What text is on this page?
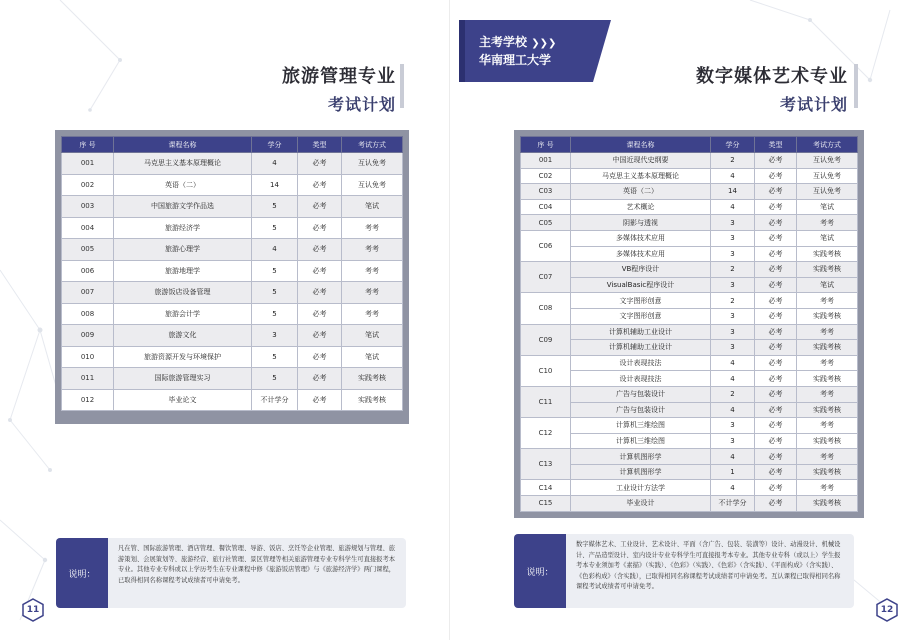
旅游管理专业
考试计划
序 号	课程名称	学分	类型	考试方式
001	马克思主义基本原理概论	4	必考	互认免考
002	英语（二）	14	必考	互认免考
003	中国旅游文学作品选	5	必考	笔试
004	旅游经济学	5	必考	考考
005	旅游心理学	4	必考	考考
006	旅游地理学	5	必考	考考
007	旅游饭店设备管理	5	必考	考考
008	旅游会计学	5	必考	考考
009	旅游文化	3	必考	笔试
010	旅游资源开发与环境保护	5	必考	笔试
011	国际旅游管理实习	5	必考	实践考核
012	毕业论文	不计学分	必考	实践考核
说明：
凡在管、国际旅游管理、酒店管理、餐饮管理、导游、饭店、烹饪等企业管理、旅游规划与管理、旅游策划、会展策划等、旅游经营、旅行社管理、景区管理等相关旅游管理专业专科学生可直接报考本专业。其他专业专科或以上学历考生在专业课程中修《旅游饭店管理》与《旅游经济学》两门课程，已取得相同名称课程考试成绩者可申请免考。
11
数字媒体艺术专业
考试计划
序 号	课程名称	学分	类型	考试方式
001	中国近现代史纲要	2	必考	互认免考
C02	马克思主义基本原理概论	4	必考	互认免考
C03	英语（二）	14	必考	互认免考
C04	艺术概论	4	必考	笔试
C05	阴影与透视	3	必考	考考
C06	多媒体技术应用	3	必考	笔试
	多媒体技术应用	3	必考	实践考核
C07	VB程序设计	2	必考	实践考核
	VisualBasic程序设计	3	必考	笔试
C08	文字图形创意	2	必考	考考
	文字图形创意	3	必考	实践考核
C09	计算机辅助工业设计	3	必考	考考
	计算机辅助工业设计	3	必考	实践考核
C10	设计表现技法	4	必考	考考
	设计表现技法	4	必考	实践考核
C11	广告与包装设计	2	必考	考考
	广告与包装设计	4	必考	实践考核
C12	计算机三维绘图	3	必考	考考
	计算机三维绘图	3	必考	实践考核
C13	计算机图形学	4	必考	考考
	计算机图形学	1	必考	实践考核
C14	工业设计方法学	4	必考	考考
C15	毕业设计	不计学分	必考	实践考核
说明：
数字媒体艺术、工业设计、艺术设计、平面（含广告、包装、装潢等）设计、动漫设计、机械设计、产品造型设计、室内设计专业专科学生可直接报考本专业。其他专业专科（或以上）学生报考本专业须加考《素描》（实践）、《色彩》（实践）、《色彩》（含实践）、《平面构成》（含实践）、《色彩构成》（含实践），已取得相同名称课程考试成绩者可申请免考。互认课程已取得相同名称课程考试成绩者可申请免考。
12
主考学校 ❯❯❯
华南理工大学
